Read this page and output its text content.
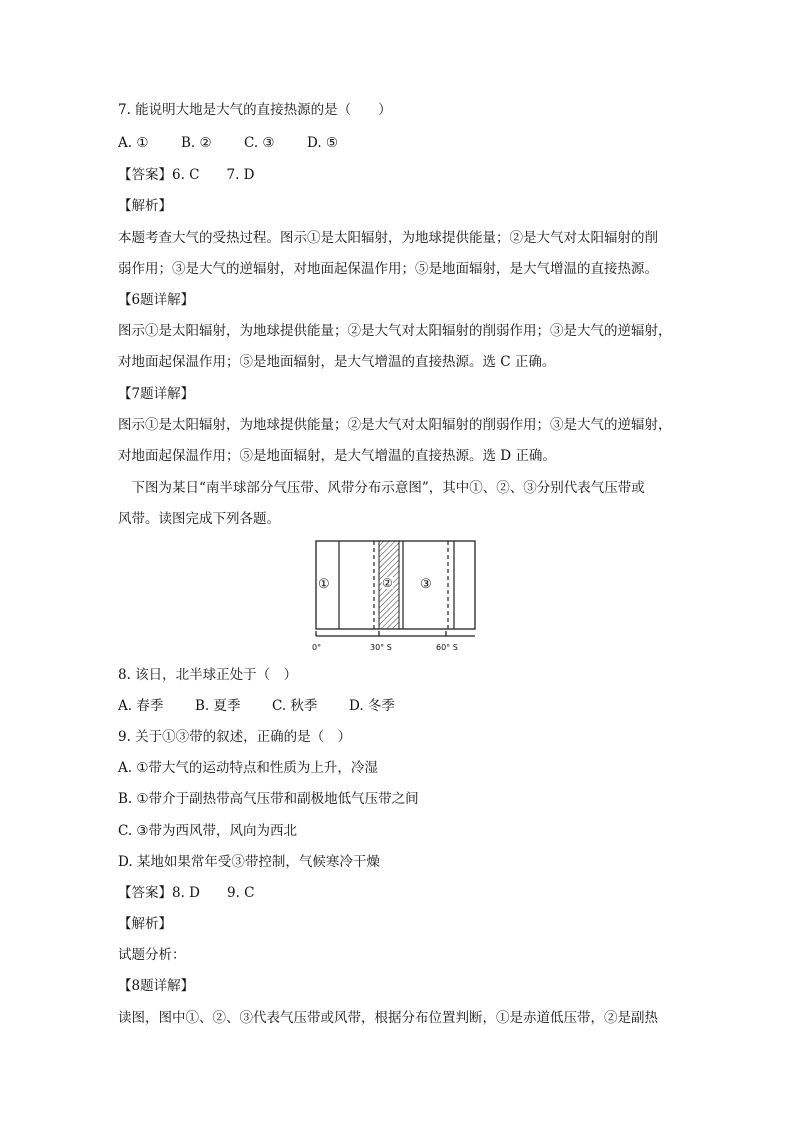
7. 能说明大地是大气的直接热源的是（　　）
A. ① B. ② C. ③ D. ⑤
【答案】6. C　　7. D
【解析】
本题考查大气的受热过程。图示①是太阳辐射，为地球提供能量；②是大气对太阳辐射的削
弱作用；③是大气的逆辐射，对地面起保温作用；⑤是地面辐射，是大气增温的直接热源。
【6题详解】
图示①是太阳辐射，为地球提供能量；②是大气对太阳辐射的削弱作用；③是大气的逆辐射，
对地面起保温作用；⑤是地面辐射，是大气增温的直接热源。选 C 正确。
【7题详解】
图示①是太阳辐射，为地球提供能量；②是大气对太阳辐射的削弱作用；③是大气的逆辐射，
对地面起保温作用；⑤是地面辐射，是大气增温的直接热源。选 D 正确。
　下图为某日“南半球部分气压带、风带分布示意图”，其中①、②、③分别代表气压带或
风带。读图完成下列各题。
①	② ③
0°	30° S	60° S
8. 该日，北半球正处于（　）
A. 春季 B. 夏季 C. 秋季 D. 冬季
9. 关于①③带的叙述，正确的是（　）
A. ①带大气的运动特点和性质为上升，冷湿
B. ①带介于副热带高气压带和副极地低气压带之间
C. ③带为西风带，风向为西北
D. 某地如果常年受③带控制，气候寒冷干燥
【答案】8. D　　9. C
【解析】
试题分析：
【8题详解】
读图，图中①、②、③代表气压带或风带，根据分布位置判断，①是赤道低压带，②是副热
